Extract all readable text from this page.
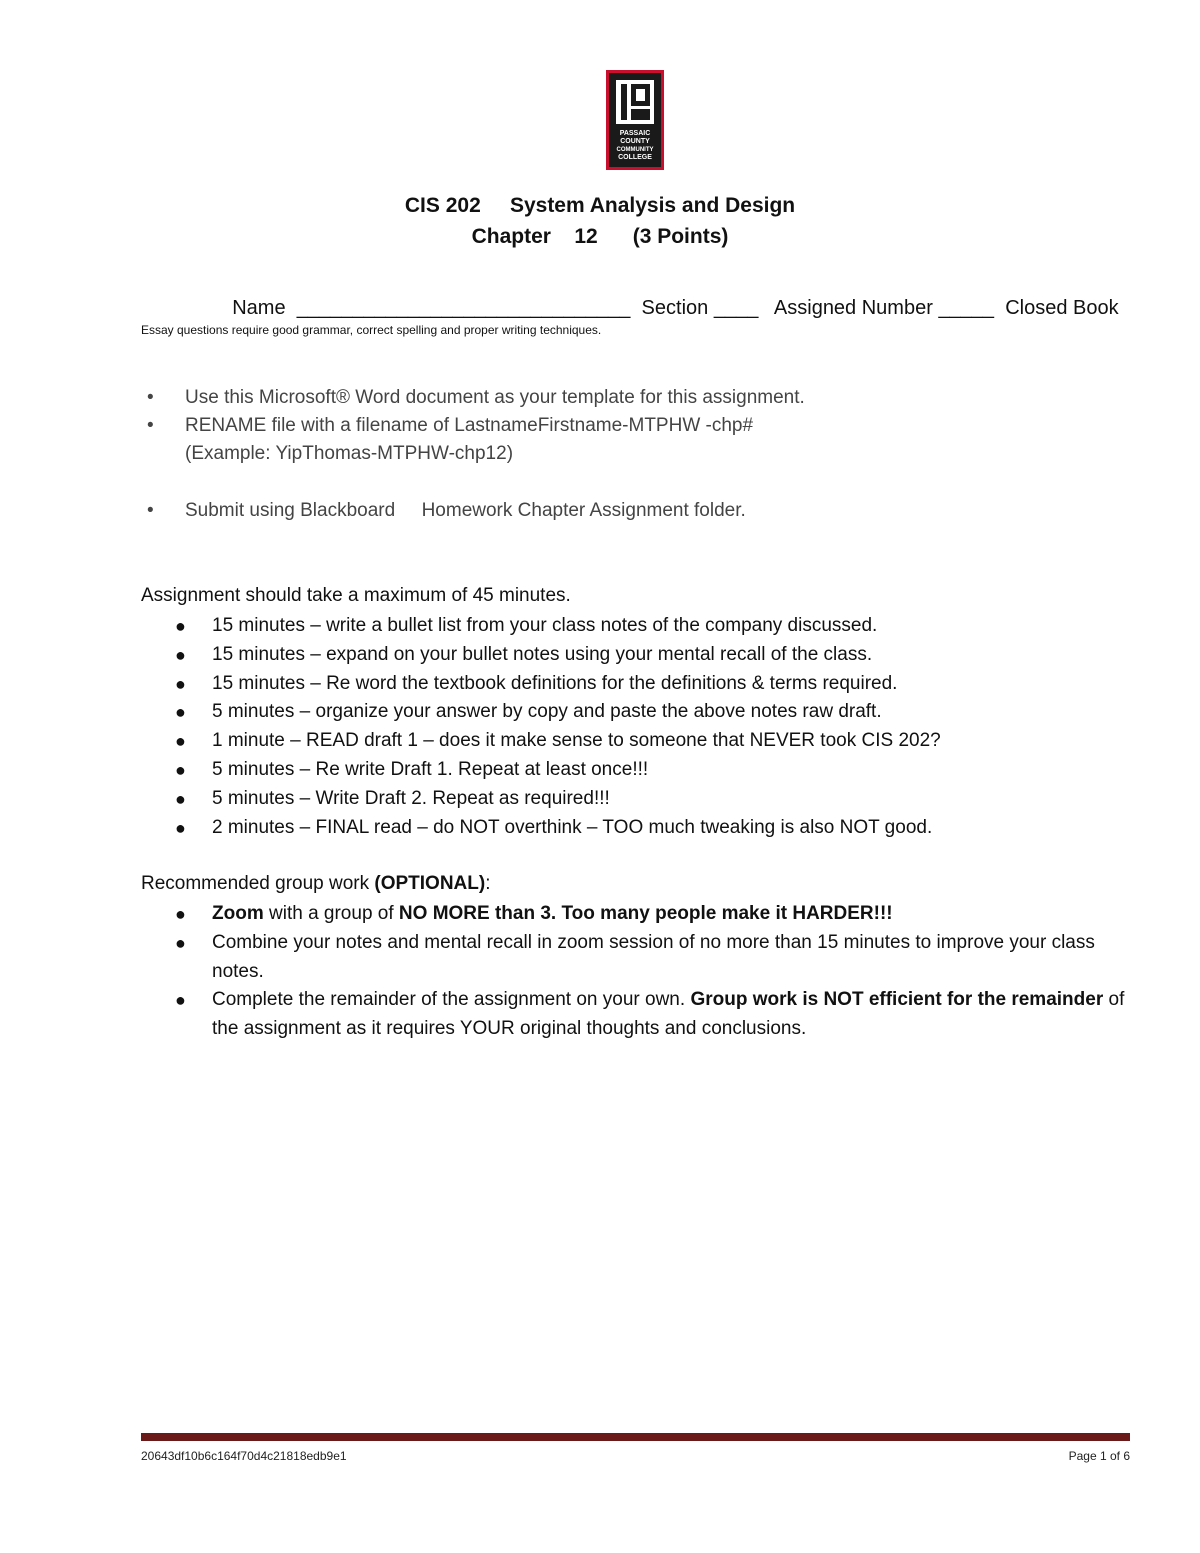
PASSAIC
COUNTY
COMMUNITY
COLLEGE
CIS 202 System Analysis and Design
Chapter 12 (3 Points)

Name ______________________________ Section ____ Assigned Number _____ Closed Book

Essay questions require good grammar, correct spelling and proper writing techniques.
• Use this Microsoft® Word document as your template for this assignment.
• RENAME file with a filename of LastnameFirstname-MTPHW -chp#
(Example: YipThomas-MTPHW-chp12)
• Submit using Blackboard Homework Chapter Assignment folder.
Assignment should take a maximum of 45 minutes.
● 15 minutes – write a bullet list from your class notes of the company discussed.
● 15 minutes – expand on your bullet notes using your mental recall of the class.
● 15 minutes – Re word the textbook definitions for the definitions & terms required.
● 5 minutes – organize your answer by copy and paste the above notes raw draft.
● 1 minute – READ draft 1 – does it make sense to someone that NEVER took CIS 202?
● 5 minutes – Re write Draft 1. Repeat at least once!!!
● 5 minutes – Write Draft 2. Repeat as required!!!
● 2 minutes – FINAL read – do NOT overthink – TOO much tweaking is also NOT good.
Recommended group work (OPTIONAL):
● Zoom with a group of NO MORE than 3. Too many people make it HARDER!!!
● Combine your notes and mental recall in zoom session of no more than 15 minutes to improve your class notes.
● Complete the remainder of the assignment on your own. Group work is NOT efficient for the remainder of the assignment as it requires YOUR original thoughts and conclusions.
20643df10b6c164f70d4c21818edb9e1	Page 1 of 6
